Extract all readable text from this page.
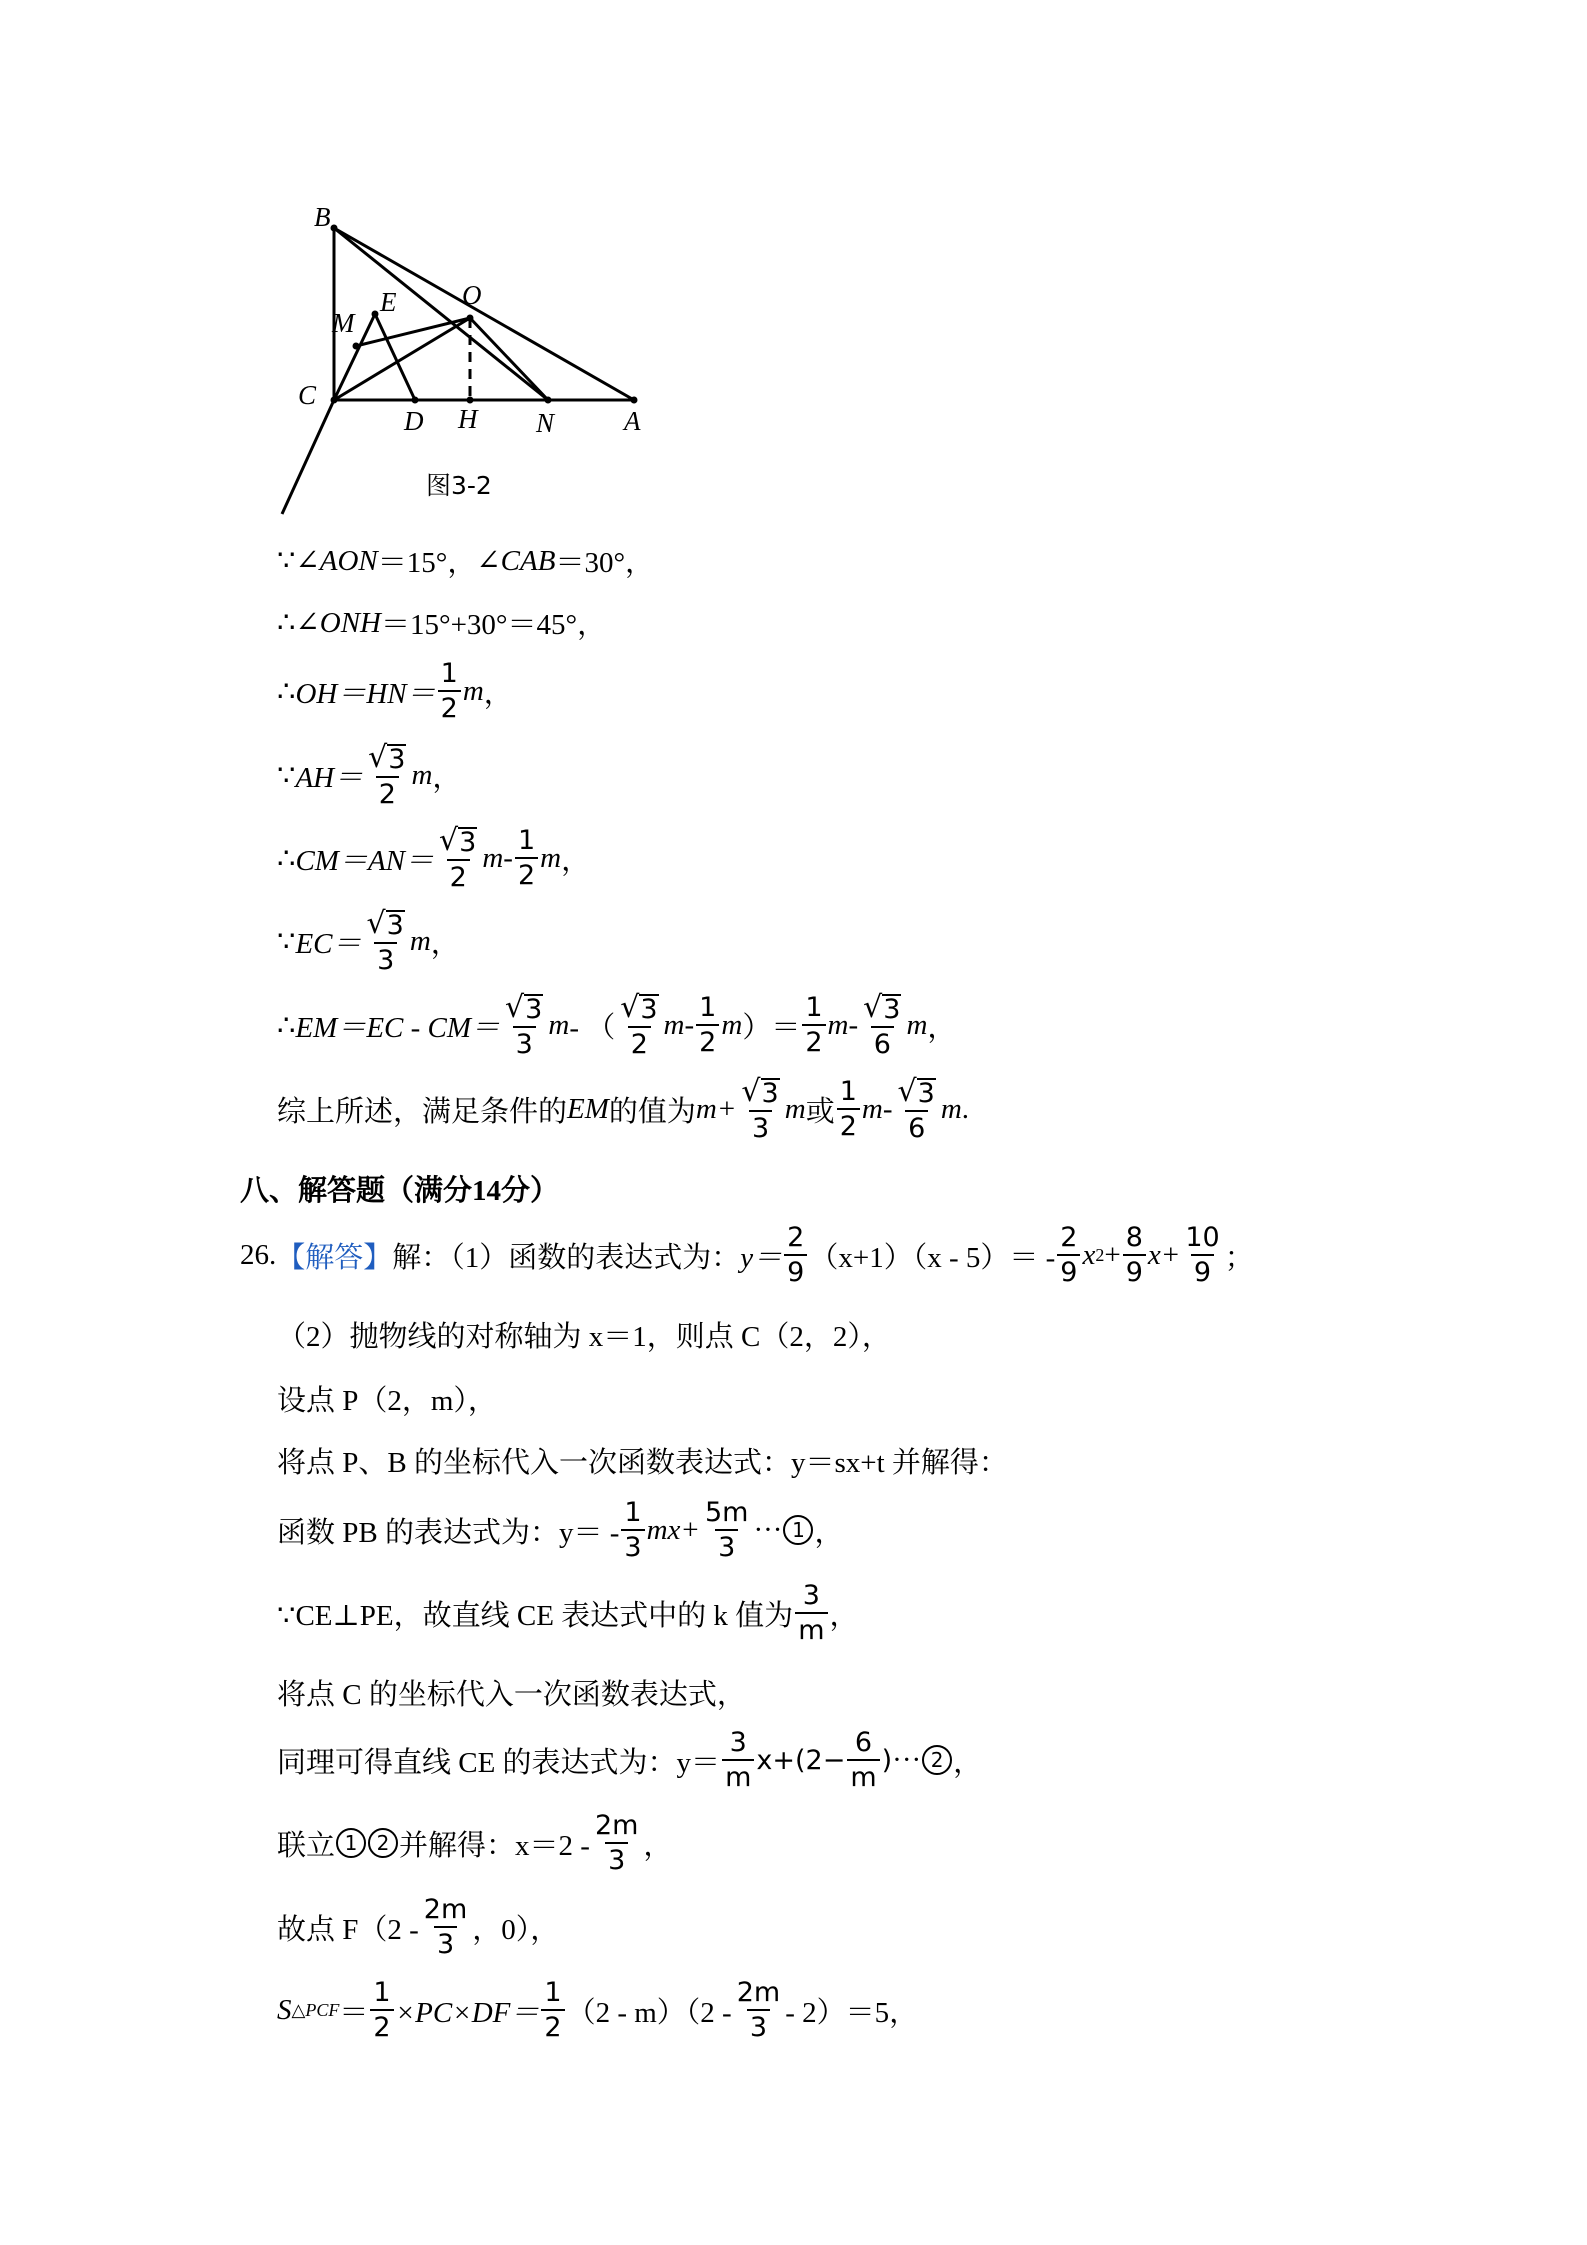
B
E O
M
C
D H N	A
图3-2
∵ ∠AON ＝15°， ∠CAB ＝30°，
∴ ∠ONH ＝15°+30°＝45°，
∴ $OH=HN= \frac{1}{2}$ m ，
∵ $AH= \frac{√ 3}{2}$ m ，
∴ $CM=AN= \frac{√ 3}{2}$ m - $\frac{1}{2}$ m ，
∵ $EC= \frac{√ 3}{3}$ m ，
∴ $EM=EC - CM= \frac{√ 3}{3}$ m - （ $\frac{√ 3}{2}$ m - $\frac{1}{2}$ m ）＝ $\frac{1}{2}$ m - $\frac{√ 3}{6}$ m ，
综上所述，满足条件的 EM 的值为 $m+ \frac{√ 3}{3}$ m 或 $\frac{1}{2}$ m - $\frac{√ 3}{6}$ m .
八、解答题（满分14分）
26. 【解答】 解：（1）函数的表达式为： $y= \frac{2}{9} (x+1)(x - 5)= - \frac{2}{9}$ x $2 + \frac{8}{9} x+ \frac{10}{9}$ ；
（2）抛物线的对称轴为 x＝1，则点 C（2，2），
设点 P（2，m），
将点 P、B 的坐标代入一次函数表达式：y＝sx+t 并解得：
函数 PB 的表达式为：$y= - \frac{1}{3} mx+ \frac{5m}{3}$ ··· 1 ，
∵CE⊥PE，故直线 CE 表达式中的 k 值为 $\frac{3}{m}$ ，
将点 C 的坐标代入一次函数表达式，
同理可得直线 CE 的表达式为：$y= \frac{3}{m} x+(2- \frac{6}{m}$ ) ··· 2 ，
联立 1 2 并解得：$x=2 - \frac{2m}{3}$ ，
故点 $F(2 - \frac{2m}{3}$ ，0），
S △PCF ＝ $\frac{1}{2} \times PC\times DF= \frac{1}{2} (2 - m)(2 - \frac{2m}{3} - 2)=5$，
